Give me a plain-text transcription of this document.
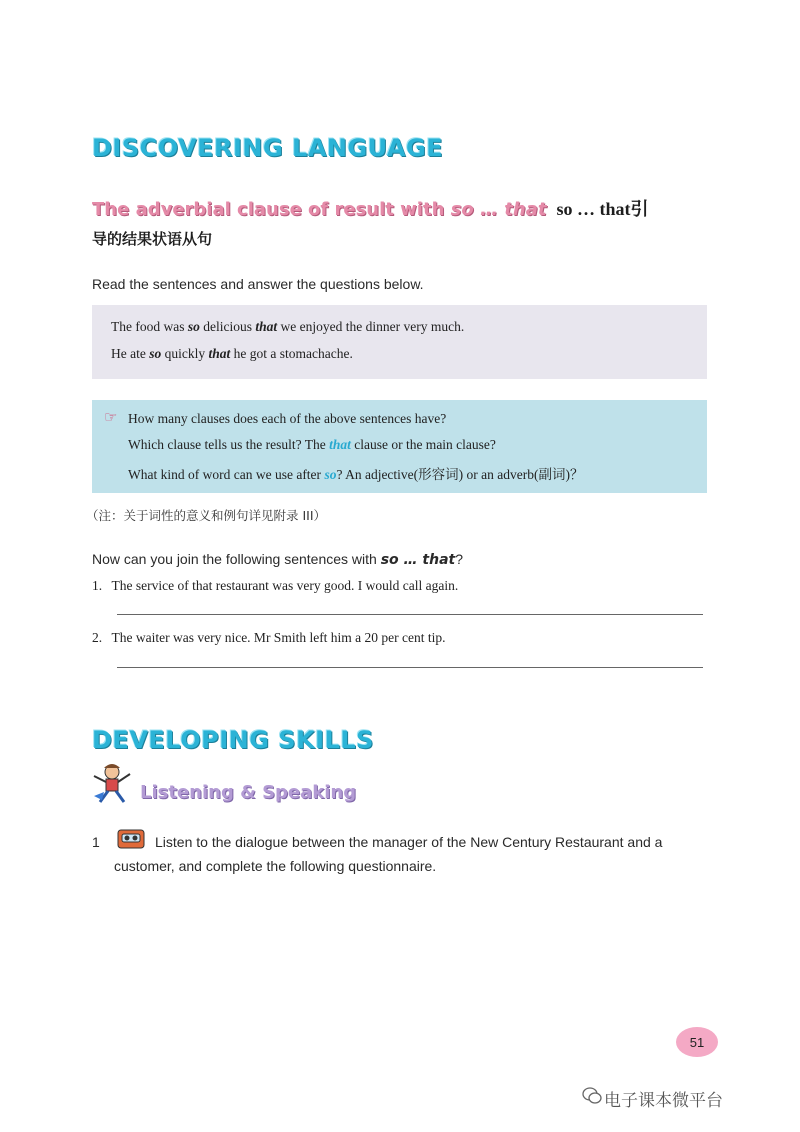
DISCOVERING LANGUAGE
The adverbial clause of result with so … that so … that引
导的结果状语从句
Read the sentences and answer the questions below.
The food was so delicious that we enjoyed the dinner very much.
He ate so quickly that he got a stomachache.
☞ How many clauses does each of the above sentences have?
Which clause tells us the result? The that clause or the main clause?
What kind of word can we use after so? An adjective(形容词) or an adverb(副词)？
（注：关于词性的意义和例句详见附录 III）
Now can you join the following sentences with so … that?
1. The service of that restaurant was very good. I would call again.
2. The waiter was very nice. Mr Smith left him a 20 per cent tip.
DEVELOPING SKILLS
Listening & Speaking
1	Listen to the dialogue between the manager of the New Century Restaurant and a
customer, and complete the following questionnaire.
51
电子课本微平台
